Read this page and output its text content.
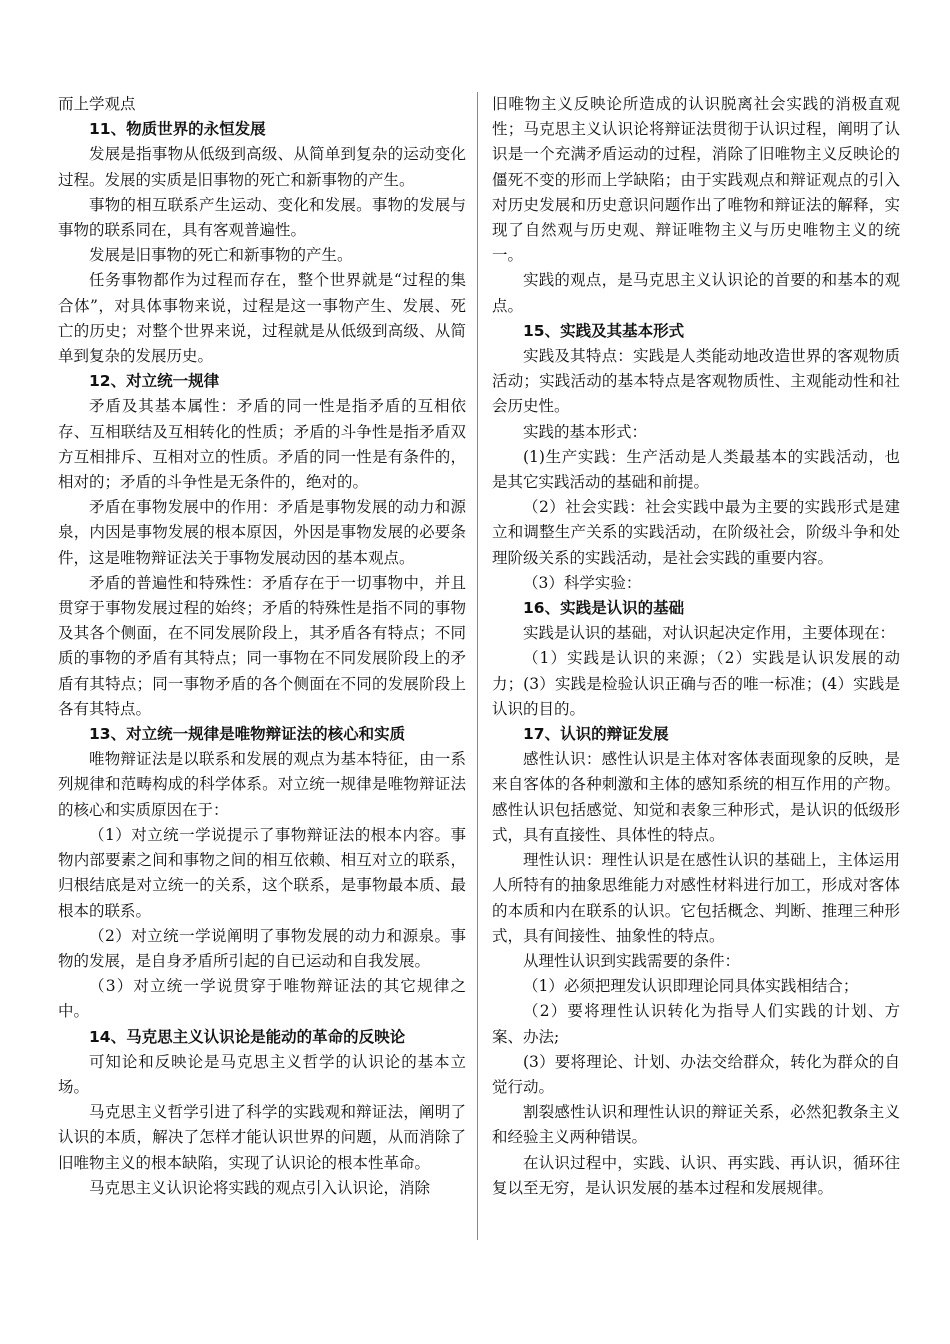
而上学观点

11、物质世界的永恒发展

发展是指事物从低级到高级、从简单到复杂的运动变化过程。发展的实质是旧事物的死亡和新事物的产生。

事物的相互联系产生运动、变化和发展。事物的发展与事物的联系同在，具有客观普遍性。

发展是旧事物的死亡和新事物的产生。

任务事物都作为过程而存在，整个世界就是“过程的集合体”，对具体事物来说，过程是这一事物产生、发展、死亡的历史；对整个世界来说，过程就是从低级到高级、从简单到复杂的发展历史。

12、对立统一规律

矛盾及其基本属性：矛盾的同一性是指矛盾的互相依存、互相联结及互相转化的性质；矛盾的斗争性是指矛盾双方互相排斥、互相对立的性质。矛盾的同一性是有条件的，相对的；矛盾的斗争性是无条件的，绝对的。

矛盾在事物发展中的作用：矛盾是事物发展的动力和源泉，内因是事物发展的根本原因，外因是事物发展的必要条件，这是唯物辩证法关于事物发展动因的基本观点。

矛盾的普遍性和特殊性：矛盾存在于一切事物中，并且贯穿于事物发展过程的始终；矛盾的特殊性是指不同的事物及其各个侧面，在不同发展阶段上，其矛盾各有特点；不同质的事物的矛盾有其特点；同一事物在不同发展阶段上的矛盾有其特点；同一事物矛盾的各个侧面在不同的发展阶段上各有其特点。

13、对立统一规律是唯物辩证法的核心和实质

唯物辩证法是以联系和发展的观点为基本特征，由一系列规律和范畴构成的科学体系。对立统一规律是唯物辩证法的核心和实质原因在于：

（1）对立统一学说提示了事物辩证法的根本内容。事物内部要素之间和事物之间的相互依赖、相互对立的联系，归根结底是对立统一的关系，这个联系，是事物最本质、最根本的联系。

（2）对立统一学说阐明了事物发展的动力和源泉。事物的发展，是自身矛盾所引起的自已运动和自我发展。

（3）对立统一学说贯穿于唯物辩证法的其它规律之中。

14、马克思主义认识论是能动的革命的反映论

可知论和反映论是马克思主义哲学的认识论的基本立场。

马克思主义哲学引进了科学的实践观和辩证法，阐明了认识的本质，解决了怎样才能认识世界的问题，从而消除了旧唯物主义的根本缺陷，实现了认识论的根本性革命。

马克思主义认识论将实践的观点引入认识论，消除

旧唯物主义反映论所造成的认识脱离社会实践的消极直观性；马克思主义认识论将辩证法贯彻于认识过程，阐明了认识是一个充满矛盾运动的过程，消除了旧唯物主义反映论的僵死不变的形而上学缺陷；由于实践观点和辩证观点的引入对历史发展和历史意识问题作出了唯物和辩证法的解释，实现了自然观与历史观、辩证唯物主义与历史唯物主义的统一。

实践的观点，是马克思主义认识论的首要的和基本的观点。

15、实践及其基本形式

实践及其特点：实践是人类能动地改造世界的客观物质活动；实践活动的基本特点是客观物质性、主观能动性和社会历史性。

实践的基本形式：

(1)生产实践：生产活动是人类最基本的实践活动，也是其它实践活动的基础和前提。

（2）社会实践：社会实践中最为主要的实践形式是建立和调整生产关系的实践活动，在阶级社会，阶级斗争和处理阶级关系的实践活动，是社会实践的重要内容。

（3）科学实验：

16、实践是认识的基础

实践是认识的基础，对认识起决定作用，主要体现在：

（1）实践是认识的来源；（2）实践是认识发展的动力；(3）实践是检验认识正确与否的唯一标准；(4）实践是认识的目的。

17、认识的辩证发展

感性认识：感性认识是主体对客体表面现象的反映，是来自客体的各种刺激和主体的感知系统的相互作用的产物。感性认识包括感觉、知觉和表象三种形式，是认识的低级形式，具有直接性、具体性的特点。

理性认识：理性认识是在感性认识的基础上，主体运用人所特有的抽象思维能力对感性材料进行加工，形成对客体的本质和内在联系的认识。它包括概念、判断、推理三种形式，具有间接性、抽象性的特点。

从理性认识到实践需要的条件：

（1）必须把理发认识即理论同具体实践相结合；

（2）要将理性认识转化为指导人们实践的计划、方案、办法;

(3）要将理论、计划、办法交给群众，转化为群众的自觉行动。

割裂感性认识和理性认识的辩证关系，必然犯教条主义和经验主义两种错误。

在认识过程中，实践、认识、再实践、再认识，循环往复以至无穷，是认识发展的基本过程和发展规律。
